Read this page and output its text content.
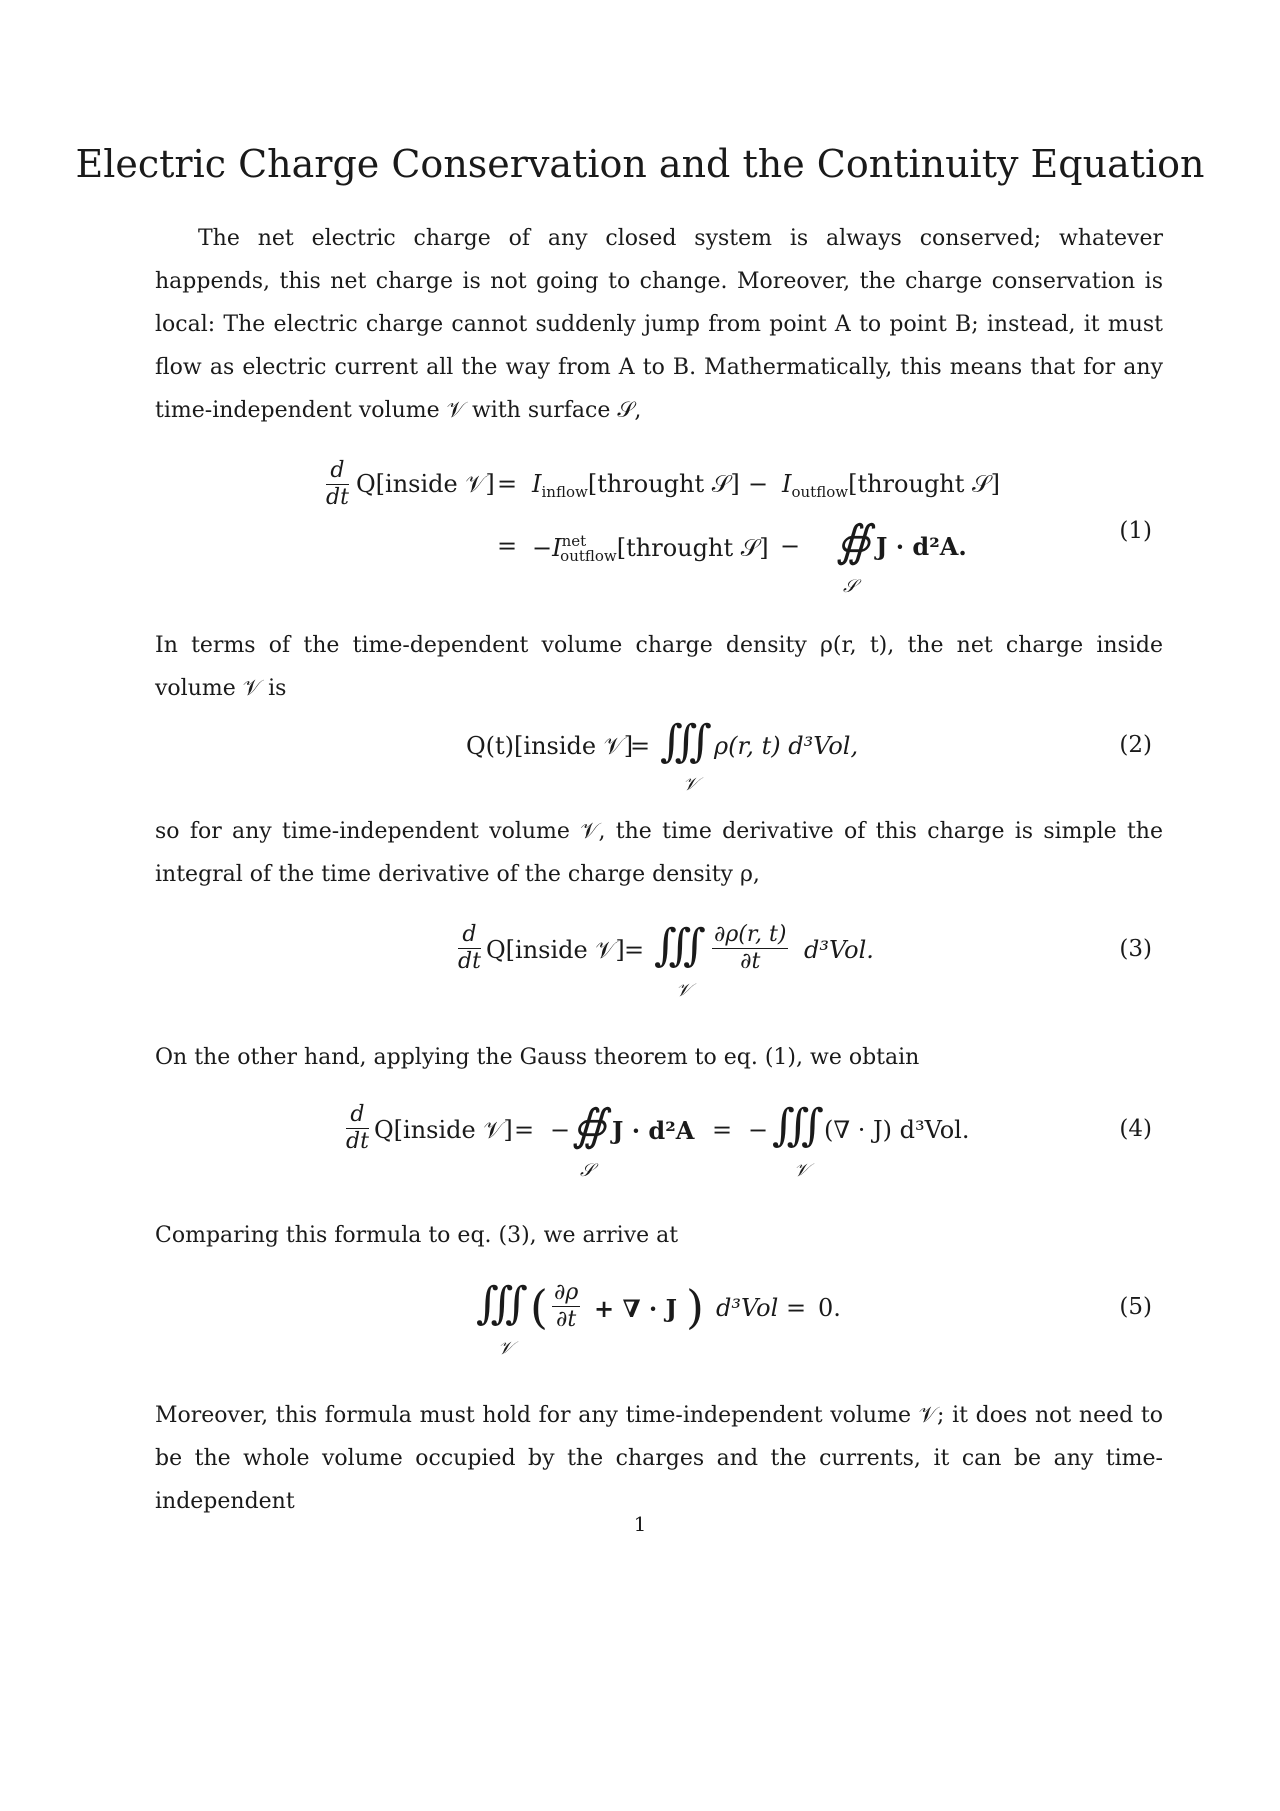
Electric Charge Conservation and the Continuity Equation

The net electric charge of any closed system is always conserved; whatever happends, this net charge is not going to change. Moreover, the charge conservation is local: The electric charge cannot suddenly jump from point A to point B; instead, it must flow as electric current all the way from A to B. Mathermatically, this means that for any time-independent volume 𝒱 with surface 𝒮,

$\frac{d}{dt}$ Q[inside 𝒱] = $I_{inflow}[throught$ 𝒮] − $I_{outflow}[throught$ 𝒮]
(1)
= $-I^{net}_{outflow}[throught$ 𝒮] − ∯
𝒮
J · d²A.

In terms of the time-dependent volume charge density ρ(r, t), the net charge inside volume 𝒱 is

Q(t)[inside 𝒱]
= ∭
𝒱
ρ(r, t) d³Vol,	(2)

so for any time-independent volume 𝒱, the time derivative of this charge is simple the integral of the time derivative of the charge density ρ,

$\frac{d}{dt}$ Q[inside 𝒱] = ∭
𝒱
$\frac{\partial\rho(r, t)}{\partial t} d^3Vol$.	(3)

On the other hand, applying the Gauss theorem to eq. (1), we obtain

$\frac{d}{dt}$ Q[inside 𝒱] = − ∯
𝒮
J · d²A = − ∭
𝒱
(∇ · J) d³Vol.	(4)

Comparing this formula to eq. (3), we arrive at

∭
𝒱
( $\frac{\partial\rho}{\partial t}$ + ∇ · J ) d³Vol = 0.	(5)

Moreover, this formula must hold for any time-independent volume 𝒱; it does not need to be the whole volume occupied by the charges and the currents, it can be any time-independent

1
